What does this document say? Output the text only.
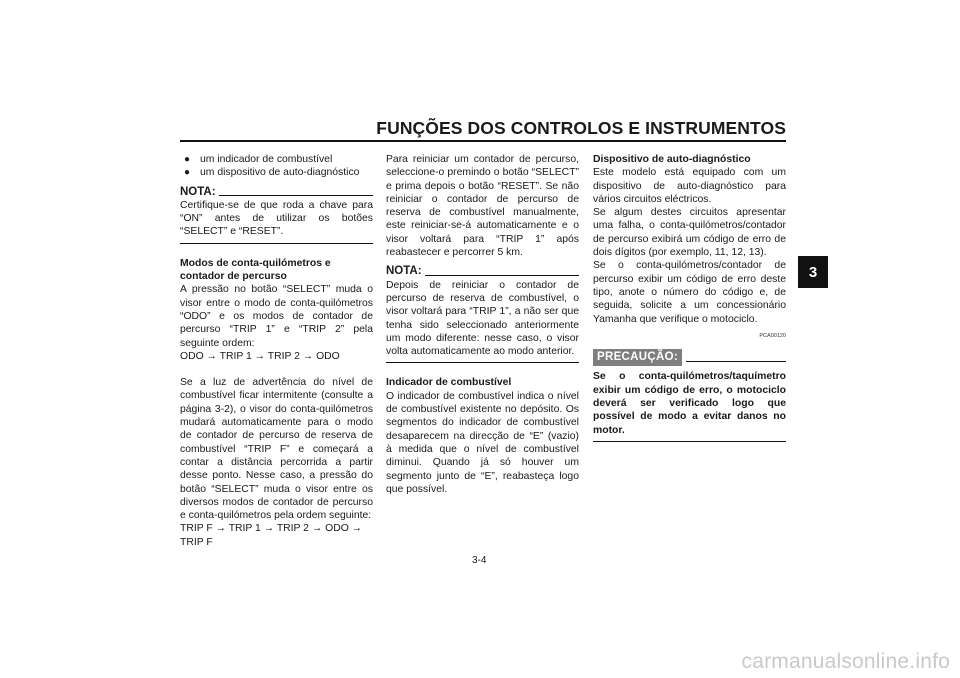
FUNÇÕES DOS CONTROLOS E INSTRUMENTOS
3
● um indicador de combustível
● um dispositivo de auto-diagnóstico
NOTA:
Certifique-se de que roda a chave para “ON” antes de utilizar os botões “SELECT” e “RESET”.
Modos de conta-quilómetros e contador de percurso
A pressão no botão “SELECT” muda o visor entre o modo de conta-quilómetros “ODO” e os modos de contador de percurso “TRIP 1” e “TRIP 2” pela seguinte ordem:
ODO → TRIP 1 → TRIP 2 → ODO
Se a luz de advertência do nível de combustível ficar intermitente (consulte a página 3-2), o visor do conta-quilómetros mudará automaticamente para o modo de contador de percurso de reserva de combustível “TRIP F” e começará a contar a distância percorrida a partir desse ponto. Nesse caso, a pressão do botão “SELECT” muda o visor entre os diversos modos de contador de percurso e conta-quilómetros pela ordem seguinte:
TRIP F → TRIP 1 → TRIP 2 → ODO → TRIP F
Para reiniciar um contador de percurso, seleccione-o premindo o botão “SELECT” e prima depois o botão “RESET”. Se não reiniciar o contador de percurso de reserva de combustível manualmente, este reiniciar-se-á automaticamente e o visor voltará para “TRIP 1” após reabastecer e percorrer 5 km.
NOTA:
Depois de reiniciar o contador de percurso de reserva de combustível, o visor voltará para “TRIP 1”, a não ser que tenha sido seleccionado anteriormente um modo diferente: nesse caso, o visor volta automaticamente ao modo anterior.
Indicador de combustível
O indicador de combustível indica o nível de combustível existente no depósito. Os segmentos do indicador de combustível desaparecem na direcção de “E” (vazio) à medida que o nível de combustível diminui. Quando já só houver um segmento junto de “E”, reabasteça logo que possível.
Dispositivo de auto-diagnóstico
Este modelo está equipado com um dispositivo de auto-diagnóstico para vários circuitos eléctricos.
Se algum destes circuitos apresentar uma falha, o conta-quilómetros/contador de percurso exibirá um código de erro de dois dígitos (por exemplo, 11, 12, 13).
Se o conta-quilómetros/contador de percurso exibir um código de erro deste tipo, anote o número do código e, de seguida, solicite a um concessionário Yamanha que verifique o motociclo.
PCA00120
PRECAUÇÃO:
Se o conta-quilómetros/taquímetro exibir um código de erro, o motociclo deverá ser verificado logo que possível de modo a evitar danos no motor.
3-4
carmanualsonline.info
